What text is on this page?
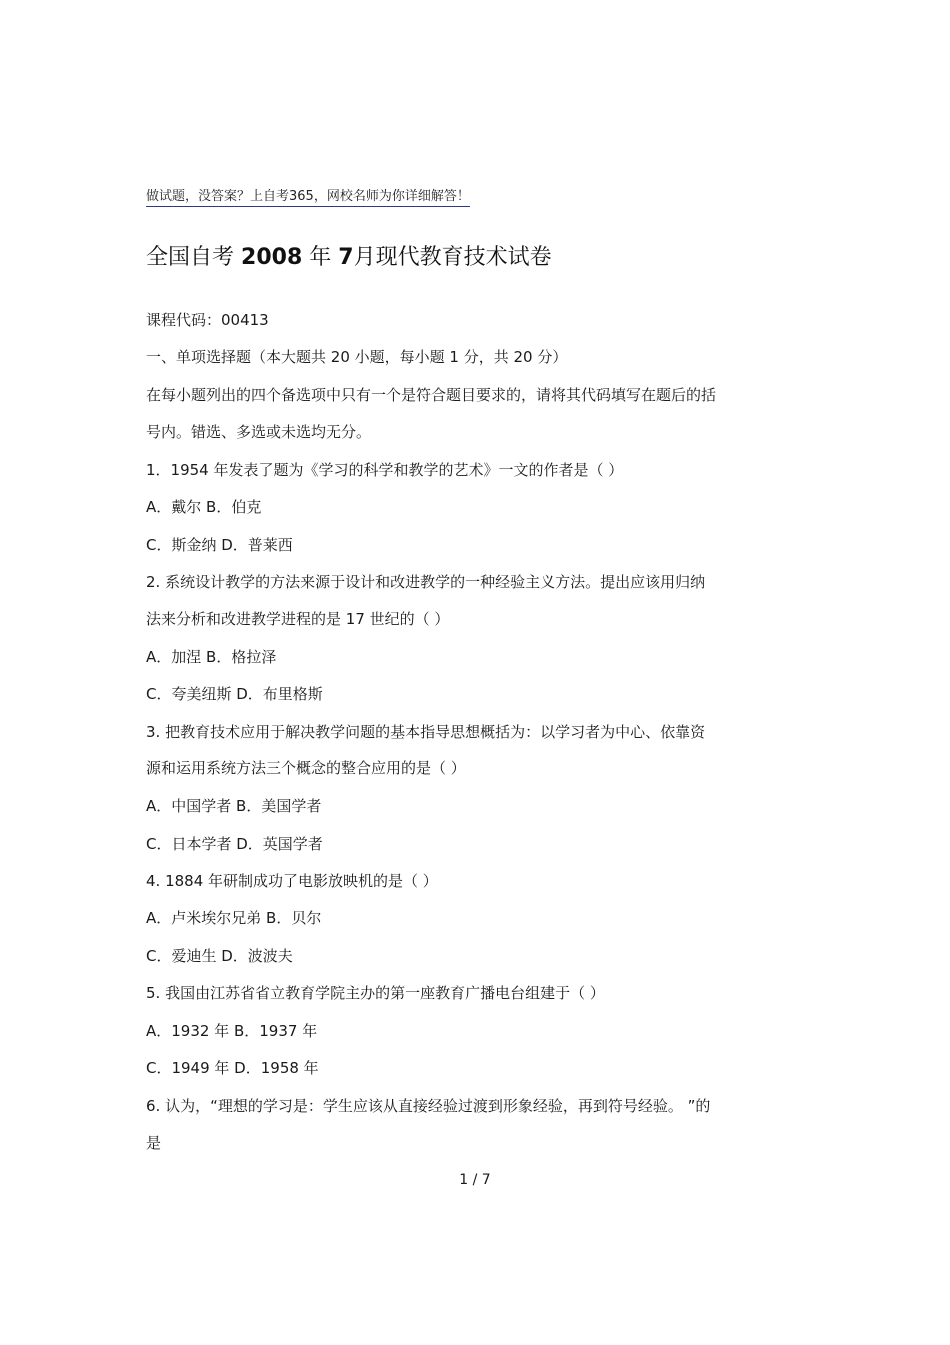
做试题，没答案？上自考365，网校名师为你详细解答！
全国自考 2008 年 7月现代教育技术试卷
课程代码：00413
一、单项选择题（本大题共 20 小题，每小题 1 分，共 20 分）
在每小题列出的四个备选项中只有一个是符合题目要求的，请将其代码填写在题后的括
号内。错选、多选或未选均无分。
1．1954 年发表了题为《学习的科学和教学的艺术》一文的作者是（ ）
A．戴尔 B．伯克
C．斯金纳 D．普莱西
2. 系统设计教学的方法来源于设计和改进教学的一种经验主义方法。提出应该用归纳
法来分析和改进教学进程的是 17 世纪的（ ）
A．加涅 B．格拉泽
C．夸美纽斯 D．布里格斯
3. 把教育技术应用于解决教学问题的基本指导思想概括为：以学习者为中心、依靠资
源和运用系统方法三个概念的整合应用的是（ ）
A．中国学者 B．美国学者
C．日本学者 D．英国学者
4. 1884 年研制成功了电影放映机的是（ ）
A．卢米埃尔兄弟 B．贝尔
C．爱迪生 D．波波夫
5. 我国由江苏省省立教育学院主办的第一座教育广播电台组建于（ ）
A．1932 年 B．1937 年
C．1949 年 D．1958 年
6. 认为，“理想的学习是：学生应该从直接经验过渡到形象经验，再到符号经验。 ”的
是
1 / 7
